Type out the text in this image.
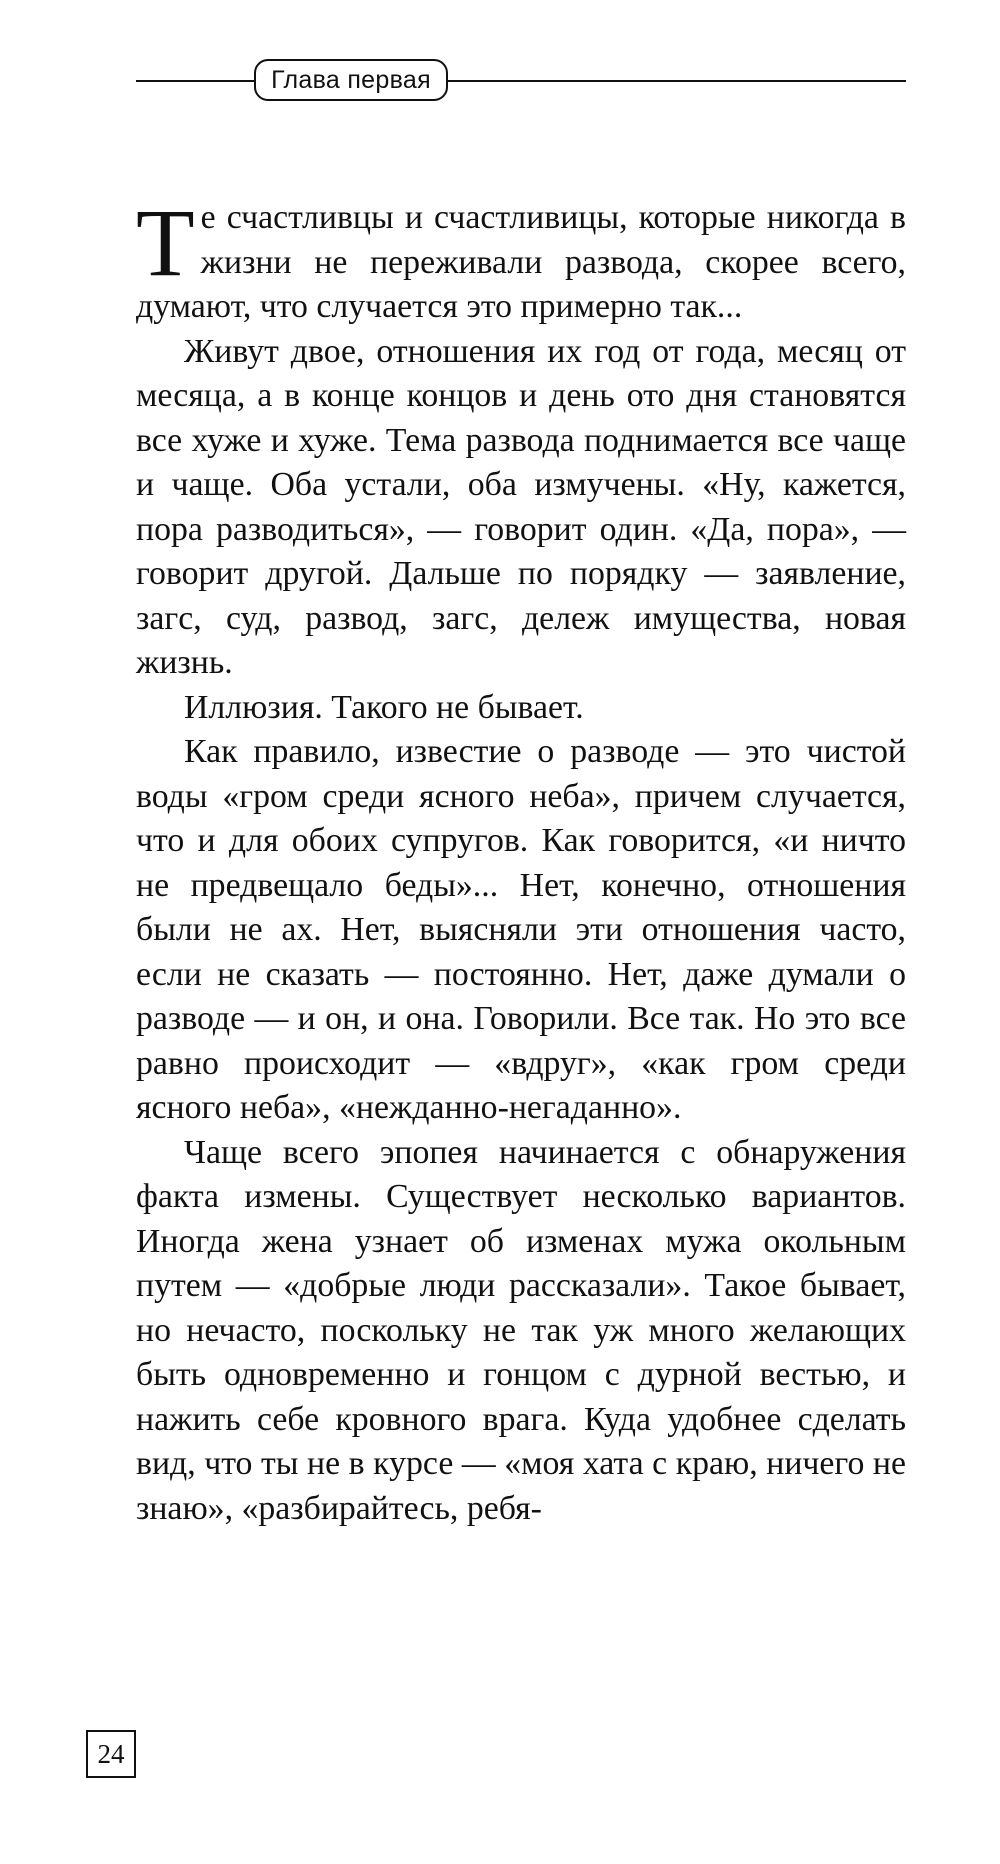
Глава первая

Те счастливцы и счастливицы, которые никогда в жизни не переживали развода, скорее всего, думают, что случается это примерно так...

Живут двое, отношения их год от года, месяц от месяца, а в конце концов и день ото дня становятся все хуже и хуже. Тема развода поднимается все чаще и чаще. Оба устали, оба измучены. «Ну, кажется, пора разводиться», — говорит один. «Да, пора», — говорит другой. Дальше по порядку — заявление, загс, суд, развод, загс, дележ имущества, новая жизнь.

Иллюзия. Такого не бывает.

Как правило, известие о разводе — это чистой воды «гром среди ясного неба», причем случается, что и для обоих супругов. Как говорится, «и ничто не предвещало беды»... Нет, конечно, отношения были не ах. Нет, выясняли эти отношения часто, если не сказать — постоянно. Нет, даже думали о разводе — и он, и она. Говорили. Все так. Но это все равно происходит — «вдруг», «как гром среди ясного неба», «нежданно-негаданно».

Чаще всего эпопея начинается с обнаружения факта измены. Существует несколько вариантов. Иногда жена узнает об изменах мужа окольным путем — «добрые люди рассказали». Такое бывает, но нечасто, поскольку не так уж много желающих быть одновременно и гонцом с дурной вестью, и нажить себе кровного врага. Куда удобнее сделать вид, что ты не в курсе — «моя хата с краю, ничего не знаю», «разбирайтесь, ребя-

24
